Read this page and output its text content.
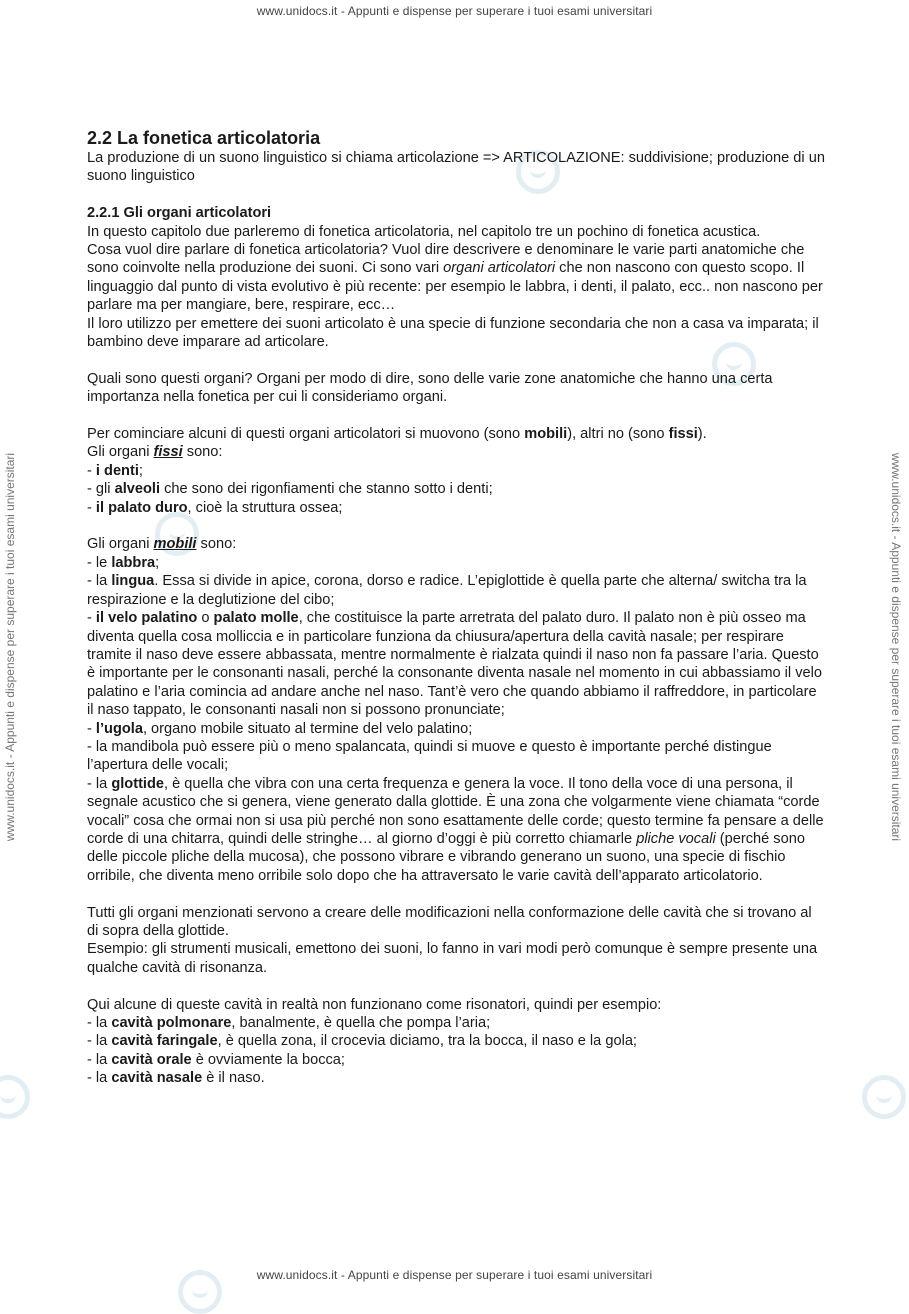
www.unidocs.it - Appunti e dispense per superare i tuoi esami universitari
www.unidocs.it - Appunti e dispense per superare i tuoi esami universitari
www.unidocs.it - Appunti e dispense per superare i tuoi esami universitari	www.unidocs.it - Appunti e dispense per superare i tuoi esami universitari

2.2 La fonetica articolatoria

La produzione di un suono linguistico si chiama articolazione => ARTICOLAZIONE: suddivisione; produzione di un suono linguistico

2.2.1 Gli organi articolatori

In questo capitolo due parleremo di fonetica articolatoria, nel capitolo tre un pochino di fonetica acustica.

Cosa vuol dire parlare di fonetica articolatoria? Vuol dire descrivere e denominare le varie parti anatomiche che sono coinvolte nella produzione dei suoni. Ci sono vari organi articolatori che non nascono con questo scopo. Il linguaggio dal punto di vista evolutivo è più recente: per esempio le labbra, i denti, il palato, ecc.. non nascono per parlare ma per mangiare, bere, respirare, ecc…

Il loro utilizzo per emettere dei suoni articolato è una specie di funzione secondaria che non a casa va imparata; il bambino deve imparare ad articolare.

Quali sono questi organi? Organi per modo di dire, sono delle varie zone anatomiche che hanno una certa importanza nella fonetica per cui li consideriamo organi.

Per cominciare alcuni di questi organi articolatori si muovono (sono mobili), altri no (sono fissi).

Gli organi fissi sono:

- i denti;

- gli alveoli che sono dei rigonfiamenti che stanno sotto i denti;

- il palato duro, cioè la struttura ossea;

Gli organi mobili sono:

- le labbra;

- la lingua. Essa si divide in apice, corona, dorso e radice. L’epiglottide è quella parte che alterna/ switcha tra la respirazione e la deglutizione del cibo;

- il velo palatino o palato molle, che costituisce la parte arretrata del palato duro. Il palato non è più osseo ma diventa quella cosa molliccia e in particolare funziona da chiusura/apertura della cavità nasale; per respirare tramite il naso deve essere abbassata, mentre normalmente è rialzata quindi il naso non fa passare l’aria. Questo è importante per le consonanti nasali, perché la consonante diventa nasale nel momento in cui abbassiamo il velo palatino e l’aria comincia ad andare anche nel naso. Tant’è vero che quando abbiamo il raffreddore, in particolare il naso tappato, le consonanti nasali non si possono pronunciate;

- l’ugola, organo mobile situato al termine del velo palatino;

- la mandibola può essere più o meno spalancata, quindi si muove e questo è importante perché distingue l’apertura delle vocali;

- la glottide, è quella che vibra con una certa frequenza e genera la voce. Il tono della voce di una persona, il segnale acustico che si genera, viene generato dalla glottide. È una zona che volgarmente viene chiamata “corde vocali” cosa che ormai non si usa più perché non sono esattamente delle corde; questo termine fa pensare a delle corde di una chitarra, quindi delle stringhe… al giorno d’oggi è più corretto chiamarle pliche vocali (perché sono delle piccole pliche della mucosa), che possono vibrare e vibrando generano un suono, una specie di fischio orribile, che diventa meno orribile solo dopo che ha attraversato le varie cavità dell’apparato articolatorio.

Tutti gli organi menzionati servono a creare delle modificazioni nella conformazione delle cavità che si trovano al di sopra della glottide.

Esempio: gli strumenti musicali, emettono dei suoni, lo fanno in vari modi però comunque è sempre presente una qualche cavità di risonanza.

Qui alcune di queste cavità in realtà non funzionano come risonatori, quindi per esempio:

- la cavità polmonare, banalmente, è quella che pompa l’aria;

- la cavità faringale, è quella zona, il crocevia diciamo, tra la bocca, il naso e la gola;

- la cavità orale è ovviamente la bocca;

- la cavità nasale è il naso.
